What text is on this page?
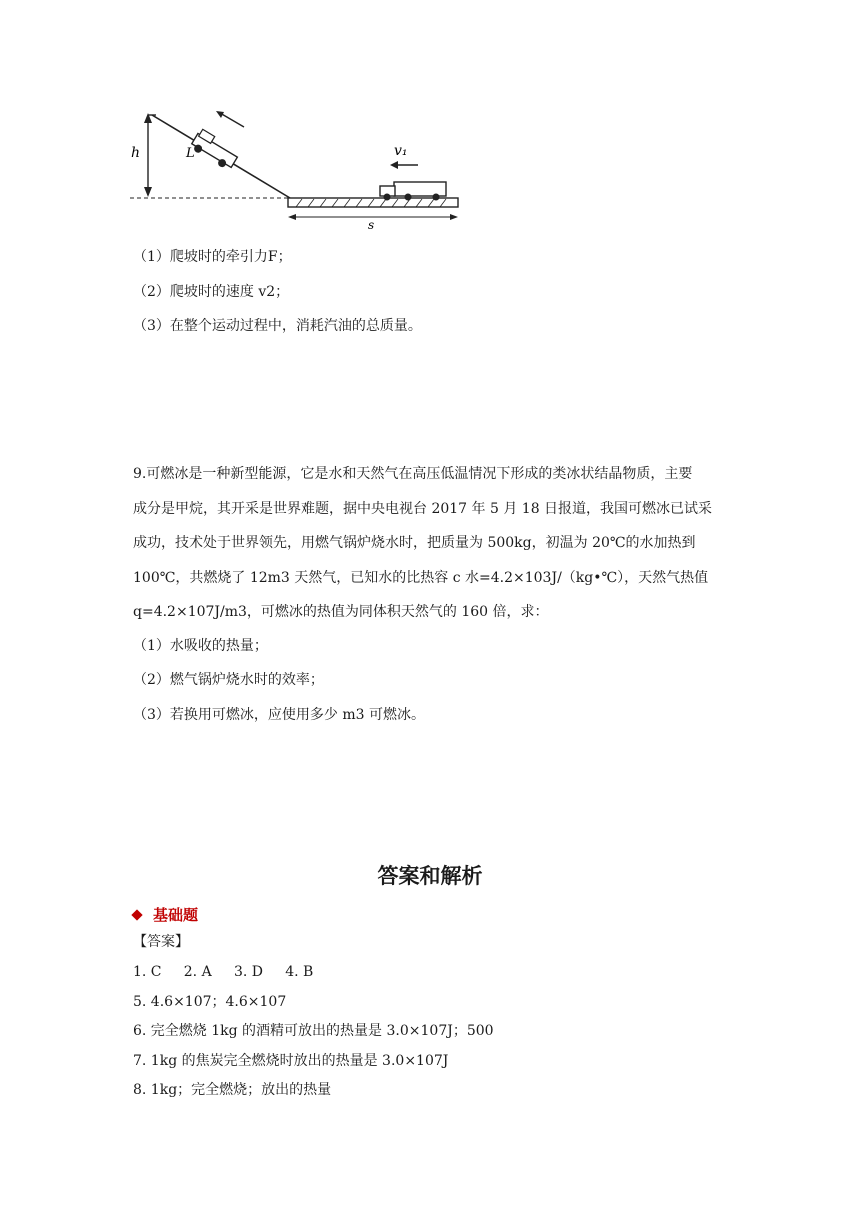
h	L	v₁
s
（1）爬坡时的牵引力F；
（2）爬坡时的速度 v2；
（3）在整个运动过程中，消耗汽油的总质量。
9.可燃冰是一种新型能源，它是水和天然气在高压低温情况下形成的类冰状结晶物质，主要
成分是甲烷，其开采是世界难题，据中央电视台 2017 年 5 月 18 日报道，我国可燃冰已试采
成功，技术处于世界领先，用燃气锅炉烧水时，把质量为 500kg，初温为 20℃的水加热到
100℃，共燃烧了 12m3 天然气，已知水的比热容 c 水=4.2×103J/（kg•℃），天然气热值
q=4.2×107J/m3，可燃冰的热值为同体积天然气的 160 倍，求：
（1）水吸收的热量；
（2）燃气锅炉烧水时的效率；
（3）若换用可燃冰，应使用多少 m3 可燃冰。
答案和解析
基础题
【答案】
1. C     2. A     3. D     4. B
5. 4.6×107；4.6×107
6. 完全燃烧 1kg 的酒精可放出的热量是 3.0×107J；500
7. 1kg 的焦炭完全燃烧时放出的热量是 3.0×107J
8. 1kg；完全燃烧；放出的热量
